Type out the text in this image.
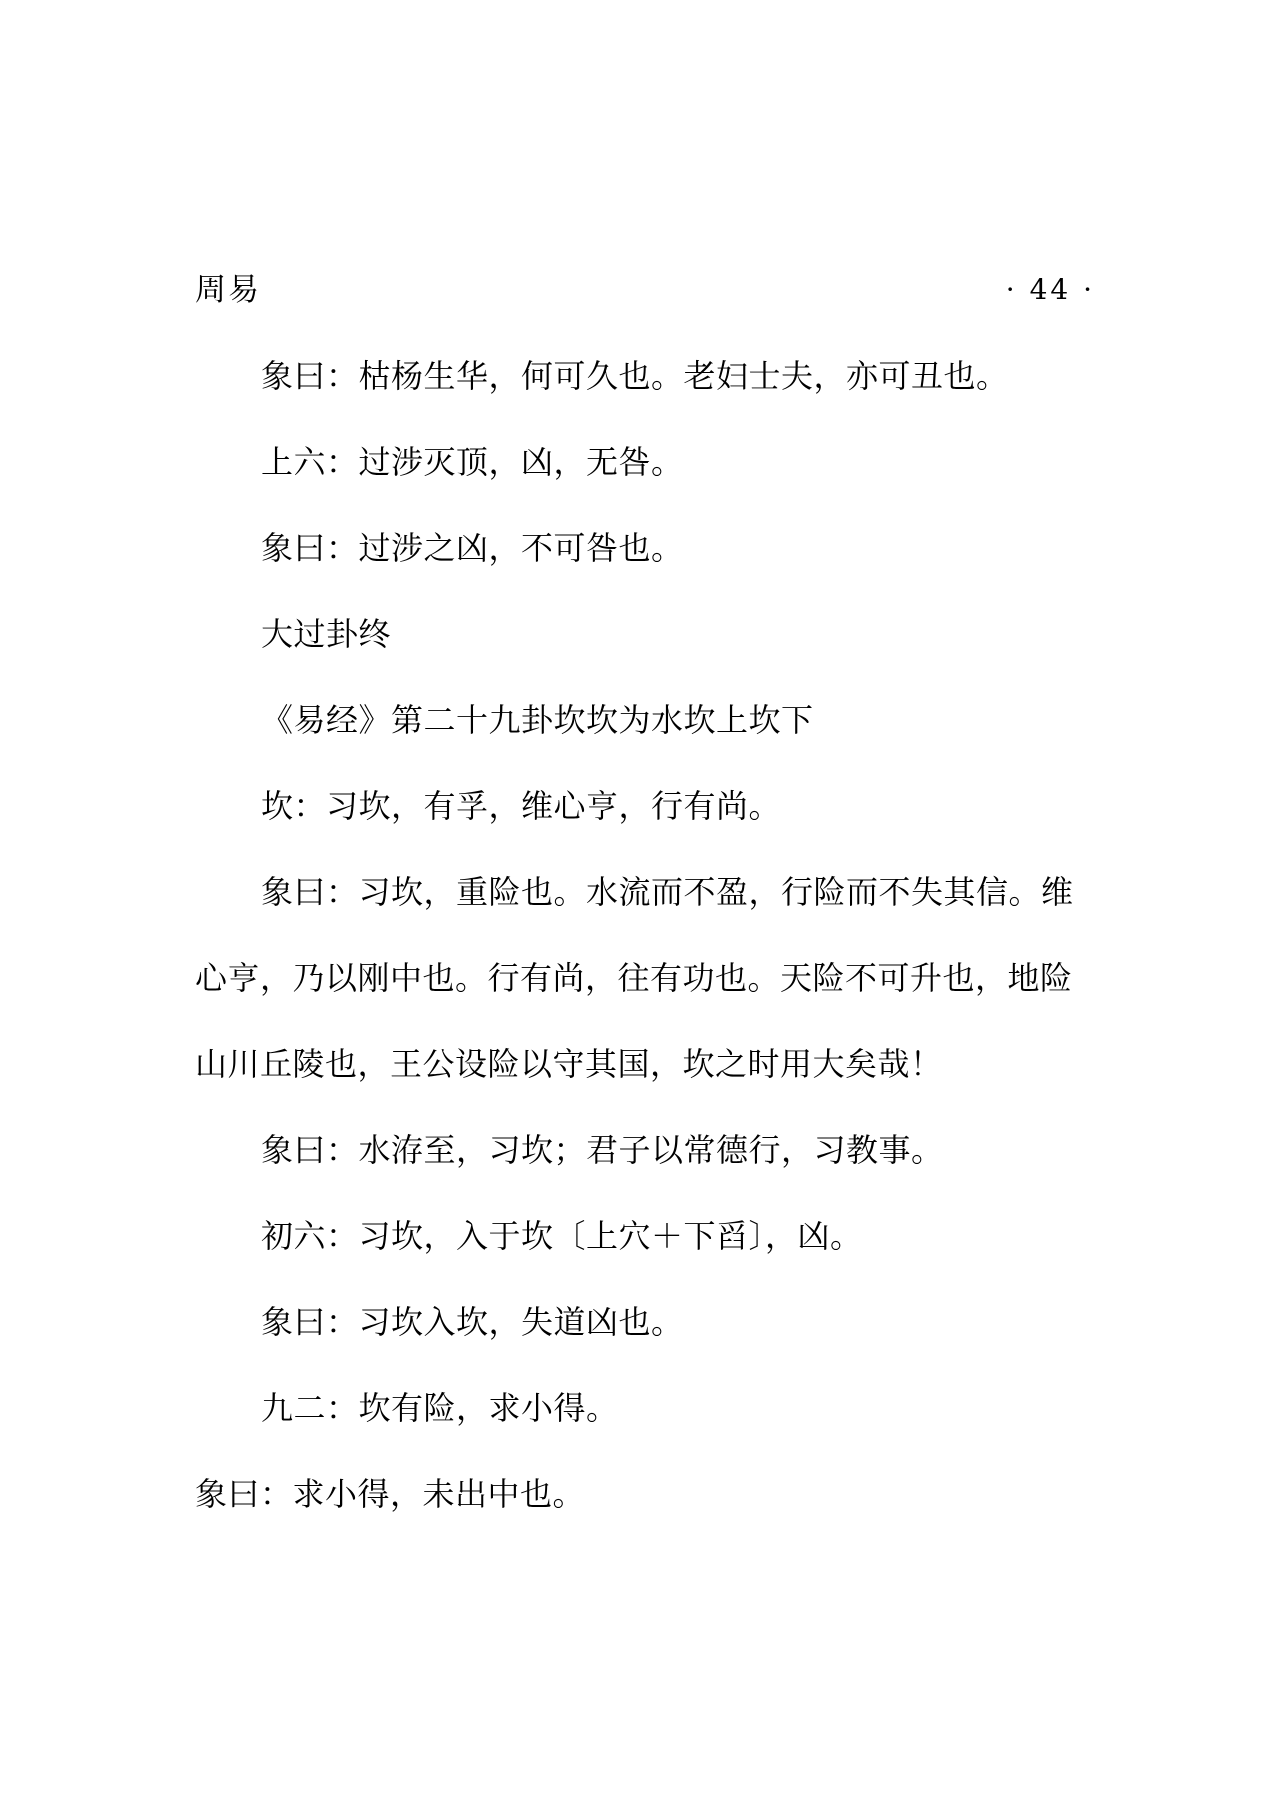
周易	· 44 ·
象曰：枯杨生华，何可久也。老妇士夫，亦可丑也。
上六：过涉灭顶，凶，无咎。
象曰：过涉之凶，不可咎也。
大过卦终
《易经》第二十九卦坎坎为水坎上坎下
坎：习坎，有孚，维心亨，行有尚。
象曰：习坎，重险也。水流而不盈，行险而不失其信。维
心亨，乃以刚中也。行有尚，往有功也。天险不可升也，地险
山川丘陵也，王公设险以守其国，坎之时用大矣哉！
象曰：水洊至，习坎；君子以常德行，习教事。
初六：习坎，入于坎〔上穴＋下舀〕，凶。
象曰：习坎入坎，失道凶也。
九二：坎有险，求小得。
象曰：求小得，未出中也。
